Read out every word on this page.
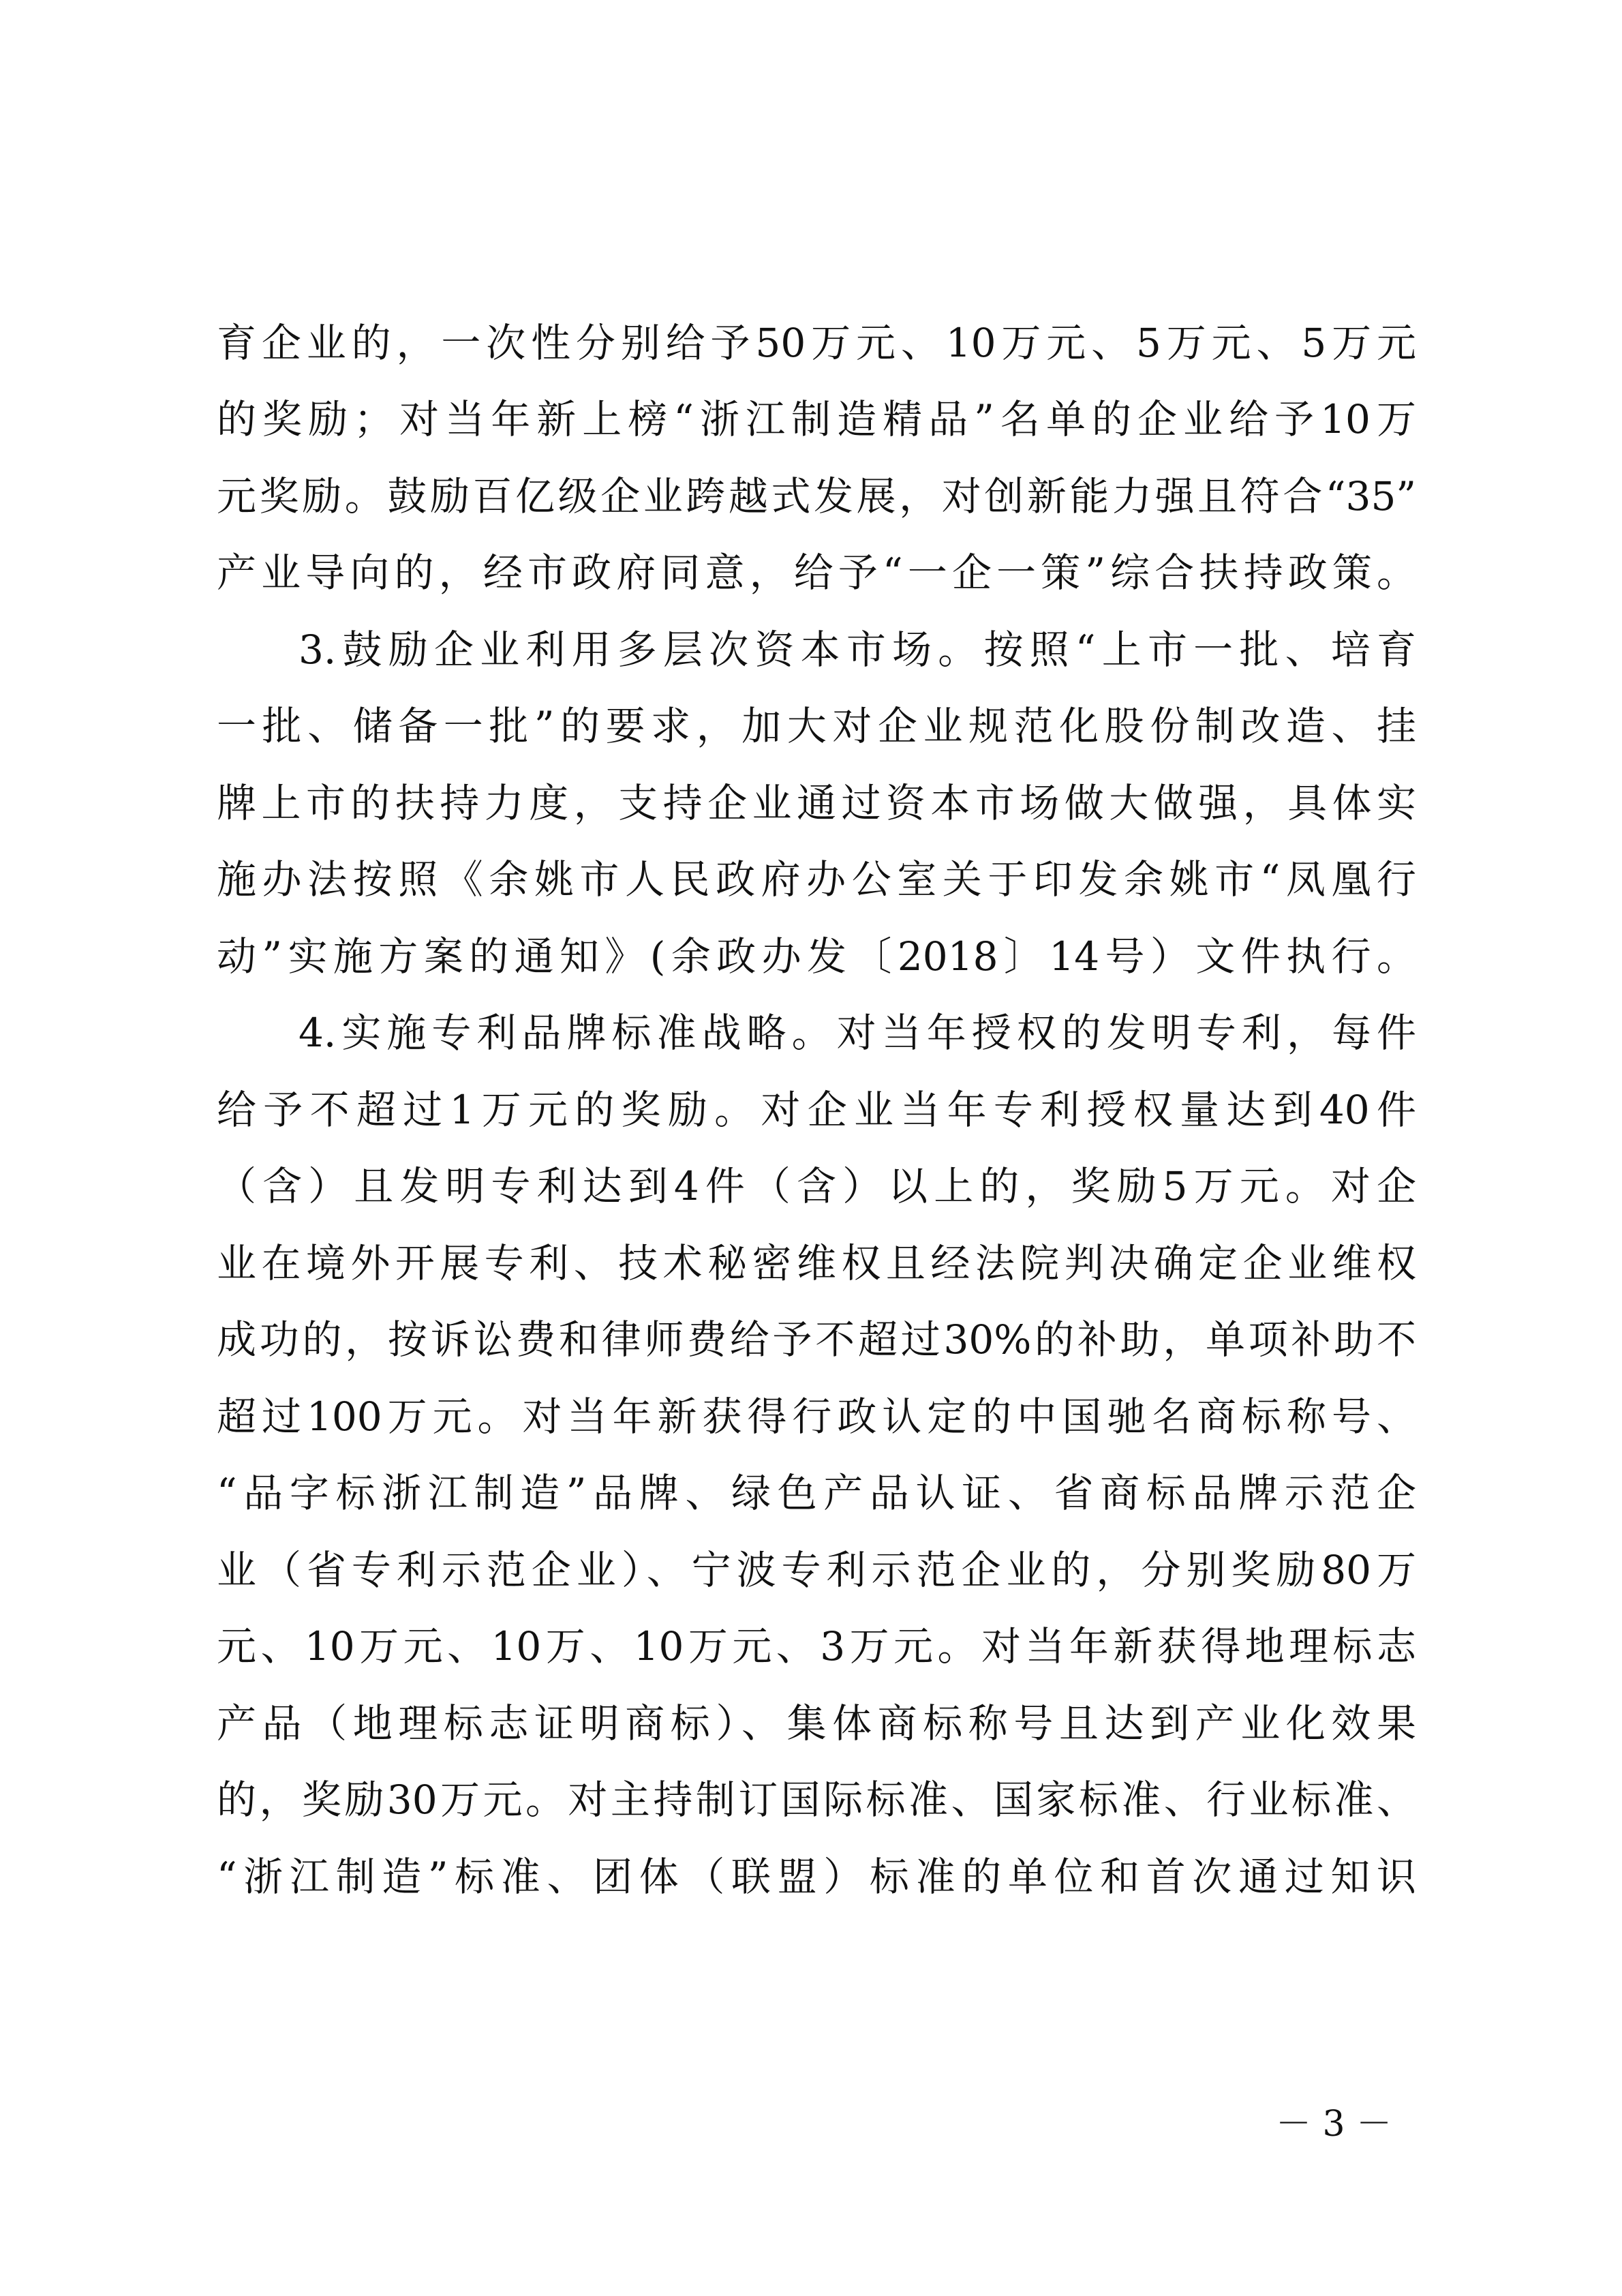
育企业的，一次性分别给予50万元、10万元、5万元、5万元
的奖励；对当年新上榜“浙江制造精品”名单的企业给予10万
元奖励。鼓励百亿级企业跨越式发展，对创新能力强且符合“35”
产业导向的，经市政府同意，给予“一企一策”综合扶持政策。
3.鼓励企业利用多层次资本市场。按照“上市一批、培育
一批、储备一批”的要求，加大对企业规范化股份制改造、挂
牌上市的扶持力度，支持企业通过资本市场做大做强，具体实
施办法按照《余姚市人民政府办公室关于印发余姚市“凤凰行
动”实施方案的通知》(余政办发〔2018〕14号）文件执行。
4.实施专利品牌标准战略。对当年授权的发明专利，每件
给予不超过1万元的奖励。对企业当年专利授权量达到40件
（含）且发明专利达到4件（含）以上的，奖励5万元。对企
业在境外开展专利、技术秘密维权且经法院判决确定企业维权
成功的，按诉讼费和律师费给予不超过30%的补助，单项补助不
超过100万元。对当年新获得行政认定的中国驰名商标称号、
“品字标浙江制造”品牌、绿色产品认证、省商标品牌示范企
业（省专利示范企业）、宁波专利示范企业的，分别奖励80万
元、10万元、10万、10万元、3万元。对当年新获得地理标志
产品（地理标志证明商标）、集体商标称号且达到产业化效果
的，奖励30万元。对主持制订国际标准、国家标准、行业标准、
“浙江制造”标准、团体（联盟）标准的单位和首次通过知识
－ 3 －
